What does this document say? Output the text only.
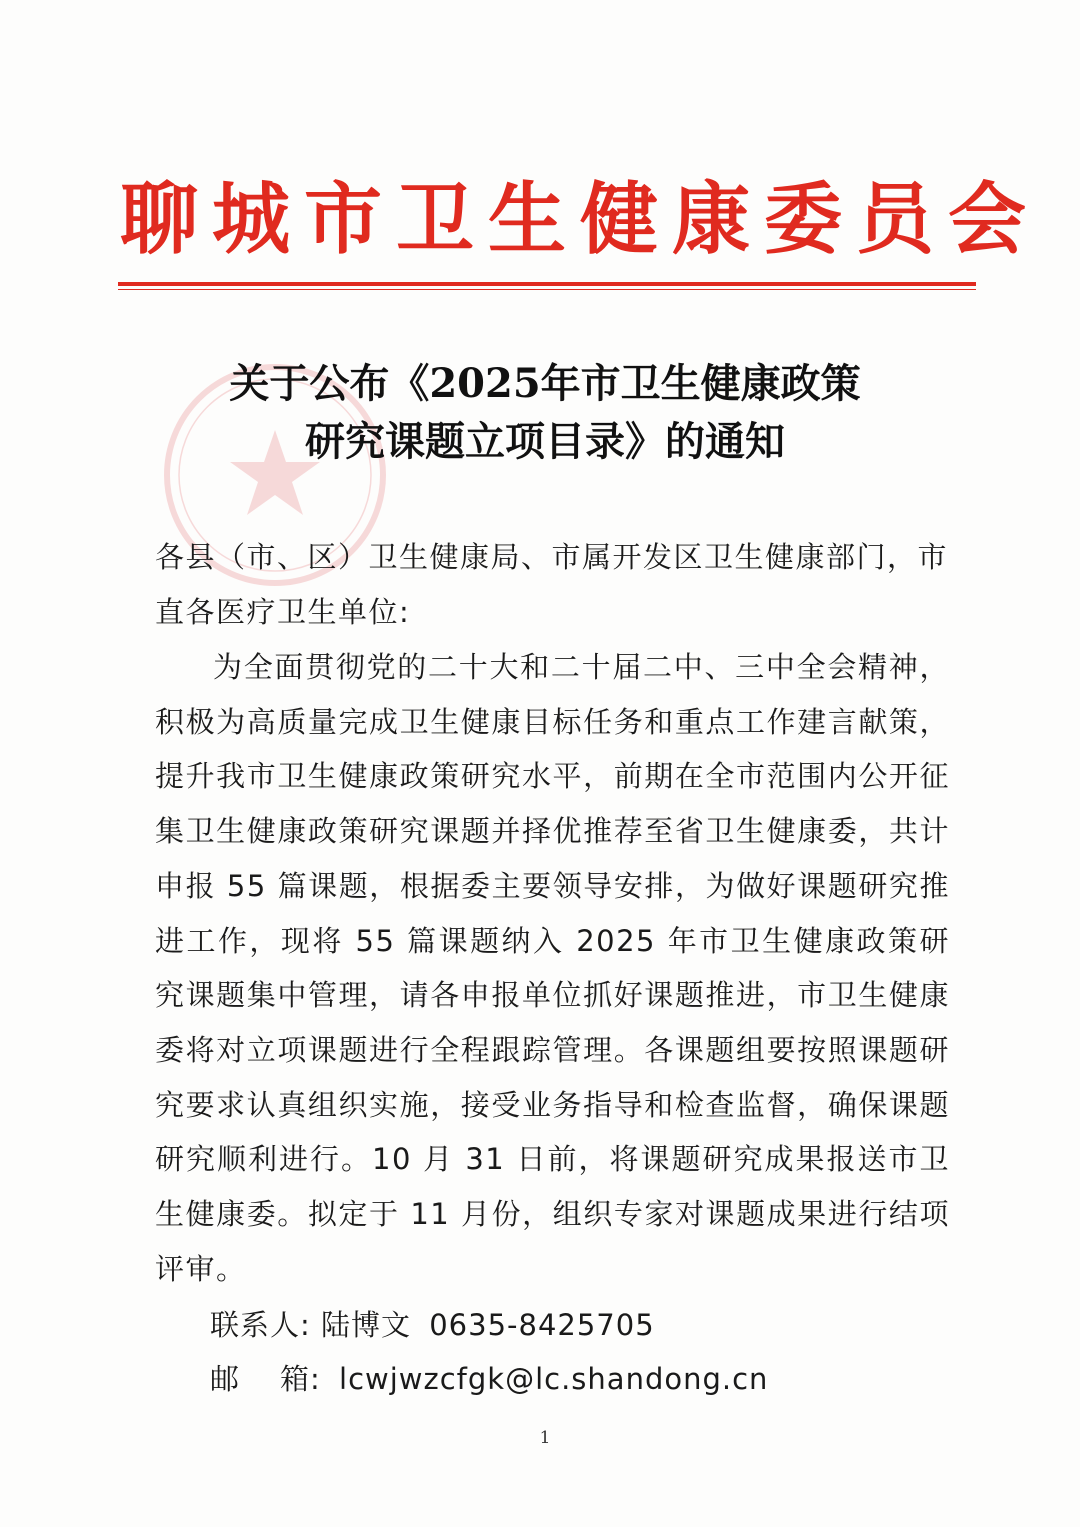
聊城市卫生健康委员会
关于公布《2025年市卫生健康政策
研究课题立项目录》的通知
各县（市、区）卫生健康局、市属开发区卫生健康部门，市直各医疗卫生单位:
为全面贯彻党的二十大和二十届二中、三中全会精神，积极为高质量完成卫生健康目标任务和重点工作建言献策，提升我市卫生健康政策研究水平，前期在全市范围内公开征集卫生健康政策研究课题并择优推荐至省卫生健康委，共计申报 55 篇课题，根据委主要领导安排，为做好课题研究推进工作，现将 55 篇课题纳入 2025 年市卫生健康政策研究课题集中管理，请各申报单位抓好课题推进，市卫生健康委将对立项课题进行全程跟踪管理。各课题组要按照课题研究要求认真组织实施，接受业务指导和检查监督，确保课题研究顺利进行。10 月 31 日前，将课题研究成果报送市卫生健康委。拟定于 11 月份，组织专家对课题成果进行结项评审。
联系人: 陆博文 0635-8425705
邮 箱: lcwjwzcfgk@lc.shandong.cn
1
